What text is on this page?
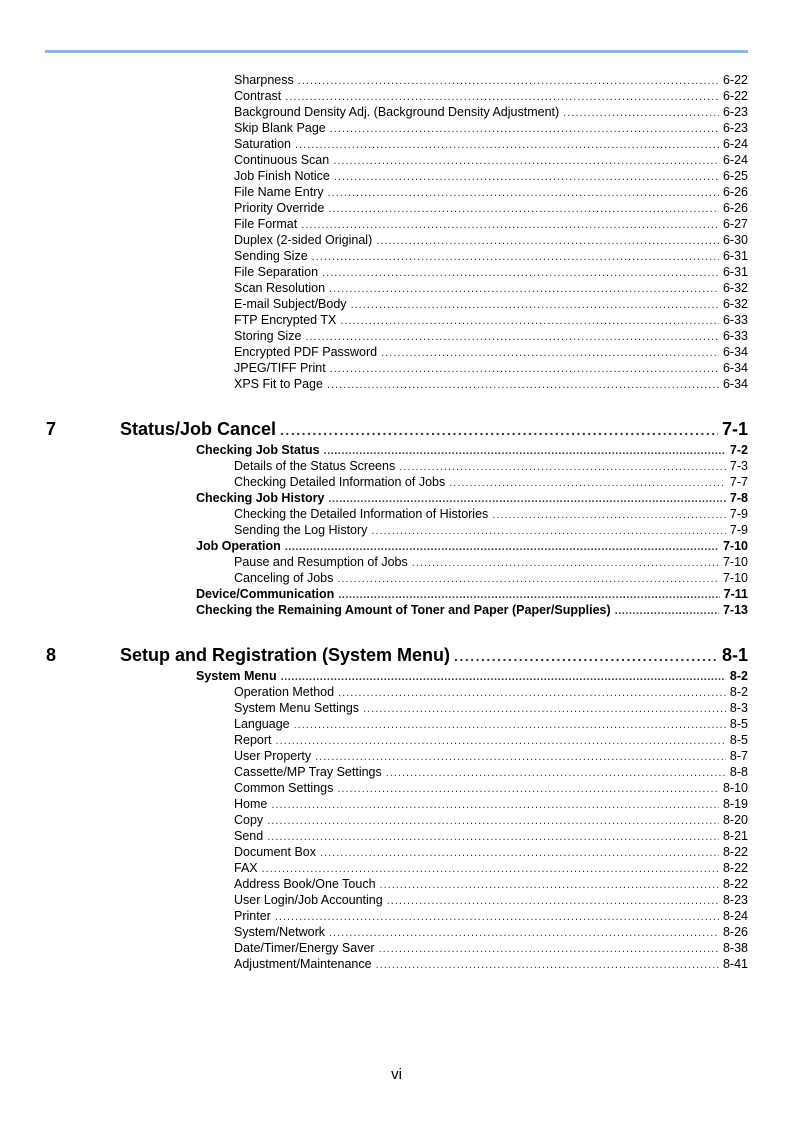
Sharpness .....	6-22
Contrast .....	6-22
Background Density Adj. (Background Density Adjustment) .....	6-23
Skip Blank Page .....	6-23
Saturation .....	6-24
Continuous Scan .....	6-24
Job Finish Notice .....	6-25
File Name Entry .....	6-26
Priority Override .....	6-26
File Format .....	6-27
Duplex (2-sided Original) .....	6-30
Sending Size .....	6-31
File Separation .....	6-31
Scan Resolution .....	6-32
E-mail Subject/Body .....	6-32
FTP Encrypted TX .....	6-33
Storing Size .....	6-33
Encrypted PDF Password .....	6-34
JPEG/TIFF Print .....	6-34
XPS Fit to Page .....	6-34
7	Status/Job Cancel .....	7-1
Checking Job Status .....	7-2
Details of the Status Screens .....	7-3
Checking Detailed Information of Jobs .....	7-7
Checking Job History .....	7-8
Checking the Detailed Information of Histories .....	7-9
Sending the Log History .....	7-9
Job Operation .....	7-10
Pause and Resumption of Jobs .....	7-10
Canceling of Jobs .....	7-10
Device/Communication .....	7-11
Checking the Remaining Amount of Toner and Paper (Paper/Supplies) .....	7-13
8	Setup and Registration (System Menu) .....	8-1
System Menu .....	8-2
Operation Method .....	8-2
System Menu Settings .....	8-3
Language .....	8-5
Report .....	8-5
User Property .....	8-7
Cassette/MP Tray Settings .....	8-8
Common Settings .....	8-10
Home .....	8-19
Copy .....	8-20
Send .....	8-21
Document Box .....	8-22
FAX .....	8-22
Address Book/One Touch .....	8-22
User Login/Job Accounting .....	8-23
Printer .....	8-24
System/Network .....	8-26
Date/Timer/Energy Saver .....	8-38
Adjustment/Maintenance .....	8-41
vi
